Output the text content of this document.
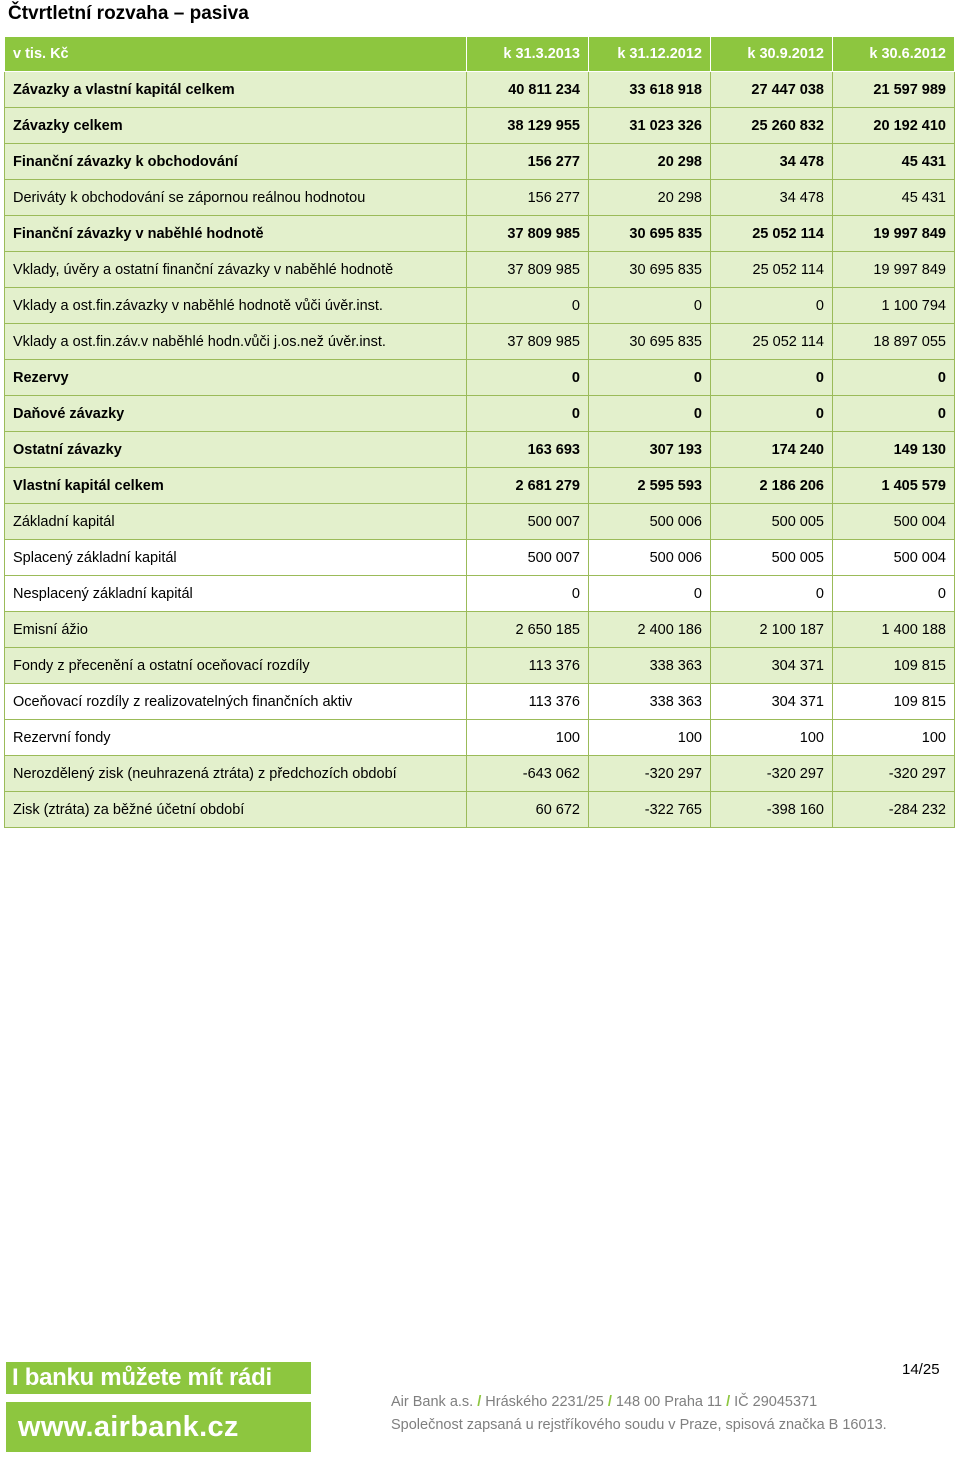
Čtvrtletní rozvaha – pasiva
v tis. Kč	k 31.3.2013	k 31.12.2012	k 30.9.2012	k 30.6.2012
Závazky a vlastní kapitál celkem	40 811 234	33 618 918	27 447 038	21 597 989
Závazky celkem	38 129 955	31 023 326	25 260 832	20 192 410
Finanční závazky k obchodování	156 277	20 298	34 478	45 431
Deriváty k obchodování se zápornou reálnou hodnotou	156 277	20 298	34 478	45 431
Finanční závazky v naběhlé hodnotě	37 809 985	30 695 835	25 052 114	19 997 849
Vklady, úvěry a ostatní finanční závazky v naběhlé hodnotě	37 809 985	30 695 835	25 052 114	19 997 849
Vklady a ost.fin.závazky v naběhlé hodnotě vůči úvěr.inst.	0	0	0	1 100 794
Vklady a ost.fin.záv.v naběhlé hodn.vůči j.os.než úvěr.inst.	37 809 985	30 695 835	25 052 114	18 897 055
Rezervy	0	0	0	0
Daňové závazky	0	0	0	0
Ostatní závazky	163 693	307 193	174 240	149 130
Vlastní kapitál celkem	2 681 279	2 595 593	2 186 206	1 405 579
Základní kapitál	500 007	500 006	500 005	500 004
Splacený základní kapitál	500 007	500 006	500 005	500 004
Nesplacený základní kapitál	0	0	0	0
Emisní ážio	2 650 185	2 400 186	2 100 187	1 400 188
Fondy z přecenění a ostatní oceňovací rozdíly	113 376	338 363	304 371	109 815
Oceňovací rozdíly z realizovatelných finančních aktiv	113 376	338 363	304 371	109 815
Rezervní fondy	100	100	100	100
Nerozdělený zisk (neuhrazená ztráta) z předchozích období	-643 062	-320 297	-320 297	-320 297
Zisk (ztráta) za běžné účetní období	60 672	-322 765	-398 160	-284 232
14/25
I banku můžete mít rádi
www.airbank.cz
Air Bank a.s. / Hráského 2231/25 / 148 00 Praha 11 / IČ 29045371
Společnost zapsaná u rejstříkového soudu v Praze, spisová značka B 16013.
